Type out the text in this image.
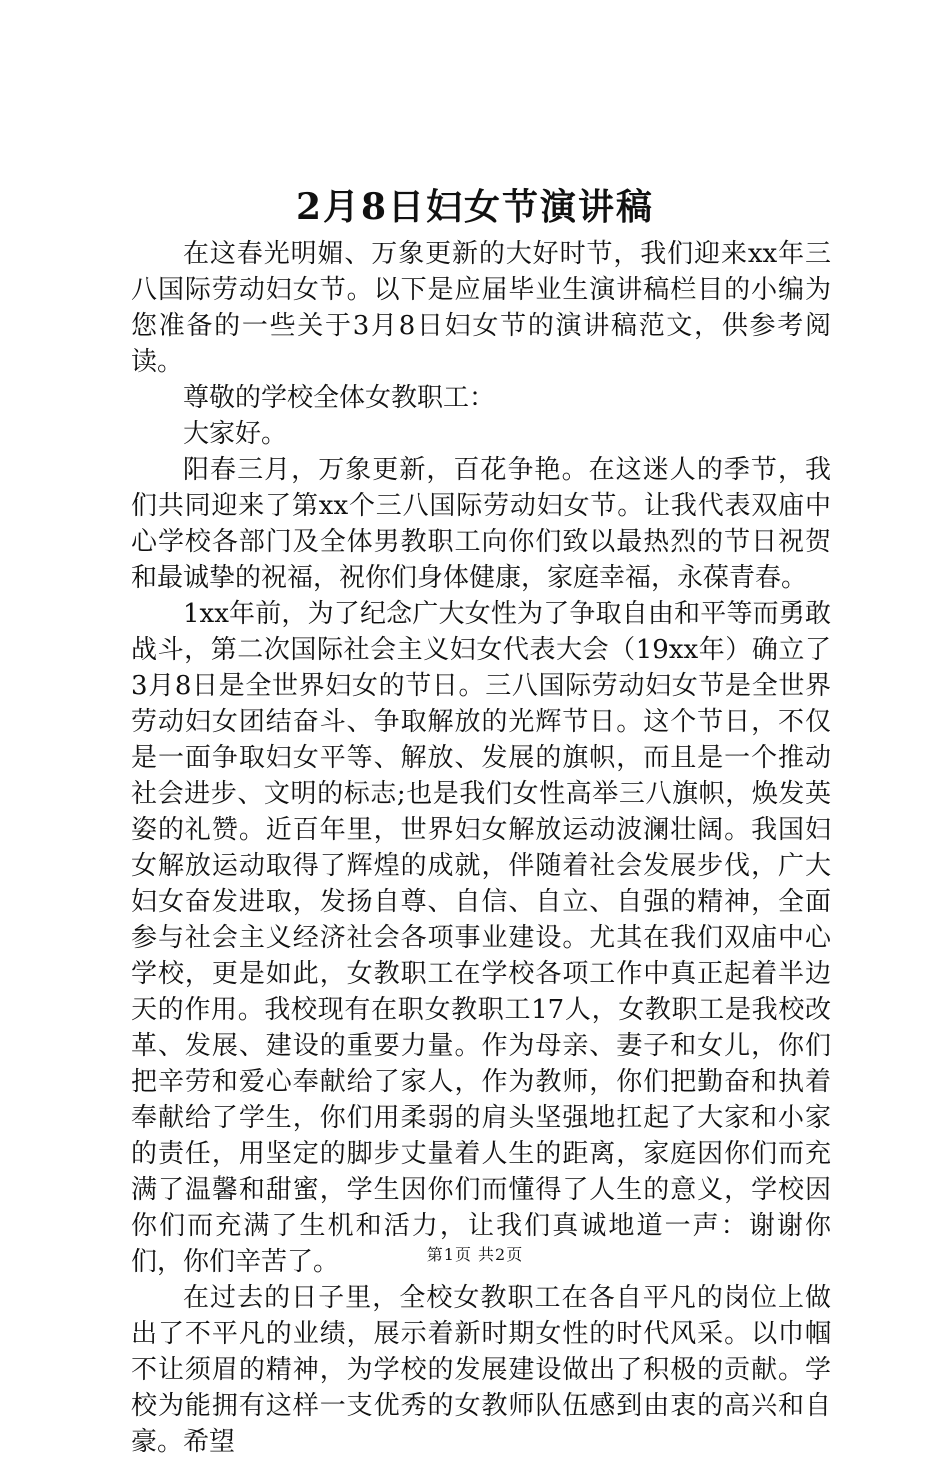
2月8日妇女节演讲稿

在这春光明媚、万象更新的大好时节，我们迎来xx年三八国际劳动妇女节。以下是应届毕业生演讲稿栏目的小编为您准备的一些关于3月8日妇女节的演讲稿范文，供参考阅读。

尊敬的学校全体女教职工：

大家好。

阳春三月，万象更新，百花争艳。在这迷人的季节，我们共同迎来了第xx个三八国际劳动妇女节。让我代表双庙中心学校各部门及全体男教职工向你们致以最热烈的节日祝贺和最诚挚的祝福，祝你们身体健康，家庭幸福，永葆青春。

1xx年前，为了纪念广大女性为了争取自由和平等而勇敢战斗，第二次国际社会主义妇女代表大会（19xx年）确立了3月8日是全世界妇女的节日。三八国际劳动妇女节是全世界劳动妇女团结奋斗、争取解放的光辉节日。这个节日，不仅是一面争取妇女平等、解放、发展的旗帜，而且是一个推动社会进步、文明的标志;也是我们女性高举三八旗帜，焕发英姿的礼赞。近百年里，世界妇女解放运动波澜壮阔。我国妇女解放运动取得了辉煌的成就，伴随着社会发展步伐，广大妇女奋发进取，发扬自尊、自信、自立、自强的精神，全面参与社会主义经济社会各项事业建设。尤其在我们双庙中心学校，更是如此，女教职工在学校各项工作中真正起着半边天的作用。我校现有在职女教职工17人，女教职工是我校改革、发展、建设的重要力量。作为母亲、妻子和女儿，你们把辛劳和爱心奉献给了家人，作为教师，你们把勤奋和执着奉献给了学生，你们用柔弱的肩头坚强地扛起了大家和小家的责任，用坚定的脚步丈量着人生的距离，家庭因你们而充满了温馨和甜蜜，学生因你们而懂得了人生的意义，学校因你们而充满了生机和活力，让我们真诚地道一声：谢谢你们，你们辛苦了。

在过去的日子里，全校女教职工在各自平凡的岗位上做出了不平凡的业绩，展示着新时期女性的时代风采。以巾帼不让须眉的精神，为学校的发展建设做出了积极的贡献。学校为能拥有这样一支优秀的女教师队伍感到由衷的高兴和自豪。希望

第1页 共2页
